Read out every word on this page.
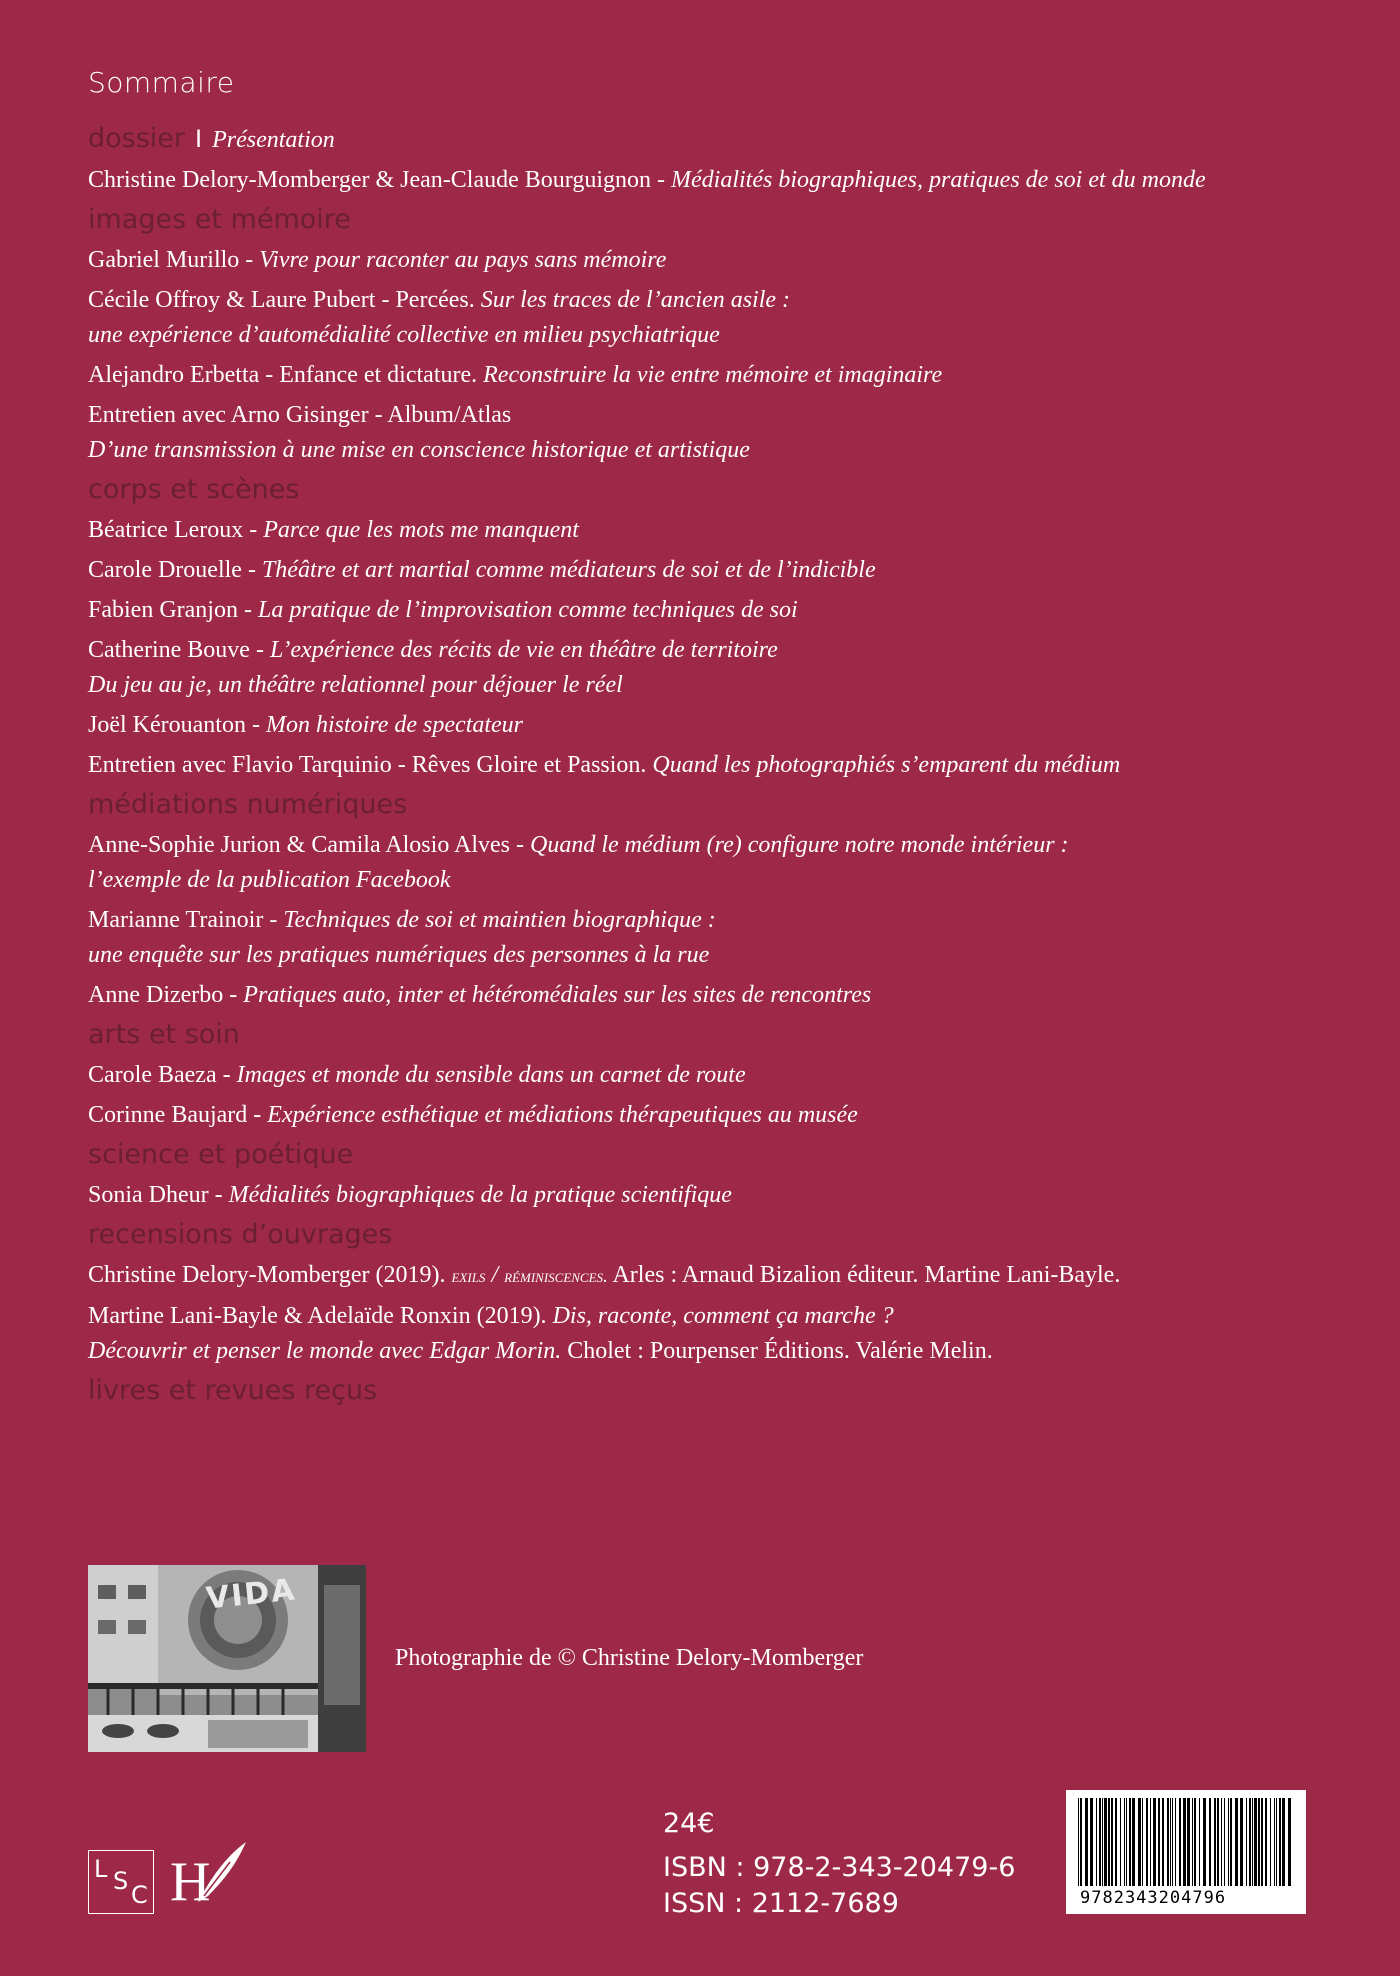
Sommaire
dossier I Présentation
Christine Delory-Momberger & Jean-Claude Bourguignon - Médialités biographiques, pratiques de soi et du monde
images et mémoire
Gabriel Murillo - Vivre pour raconter au pays sans mémoire
Cécile Offroy & Laure Pubert - Percées. Sur les traces de l’ancien asile :
une expérience d’automédialité collective en milieu psychiatrique
Alejandro Erbetta - Enfance et dictature. Reconstruire la vie entre mémoire et imaginaire
Entretien avec Arno Gisinger - Album/Atlas
D’une transmission à une mise en conscience historique et artistique
corps et scènes
Béatrice Leroux - Parce que les mots me manquent
Carole Drouelle - Théâtre et art martial comme médiateurs de soi et de l’indicible
Fabien Granjon - La pratique de l’improvisation comme techniques de soi
Catherine Bouve - L’expérience des récits de vie en théâtre de territoire
Du jeu au je, un théâtre relationnel pour déjouer le réel
Joël Kérouanton - Mon histoire de spectateur
Entretien avec Flavio Tarquinio - Rêves Gloire et Passion. Quand les photographiés s’emparent du médium
médiations numériques
Anne-Sophie Jurion & Camila Alosio Alves - Quand le médium (re) configure notre monde intérieur :
l’exemple de la publication Facebook
Marianne Trainoir - Techniques de soi et maintien biographique :
une enquête sur les pratiques numériques des personnes à la rue
Anne Dizerbo - Pratiques auto, inter et hétéromédiales sur les sites de rencontres
arts et soin
Carole Baeza - Images et monde du sensible dans un carnet de route
Corinne Baujard - Expérience esthétique et médiations thérapeutiques au musée
science et poétique
Sonia Dheur - Médialités biographiques de la pratique scientifique
recensions d’ouvrages
Christine Delory-Momberger (2019). exils / réminiscences. Arles : Arnaud Bizalion éditeur. Martine Lani-Bayle.
Martine Lani-Bayle & Adelaïde Ronxin (2019). Dis, raconte, comment ça marche ?
Découvrir et penser le monde avec Edgar Morin. Cholet : Pourpenser Éditions. Valérie Melin.
livres et revues reçus
VIDA
Photographie de © Christine Delory-Momberger
L S C H
24€
ISBN : 978-2-343-20479-6
ISSN : 2112-7689	9782343204796
